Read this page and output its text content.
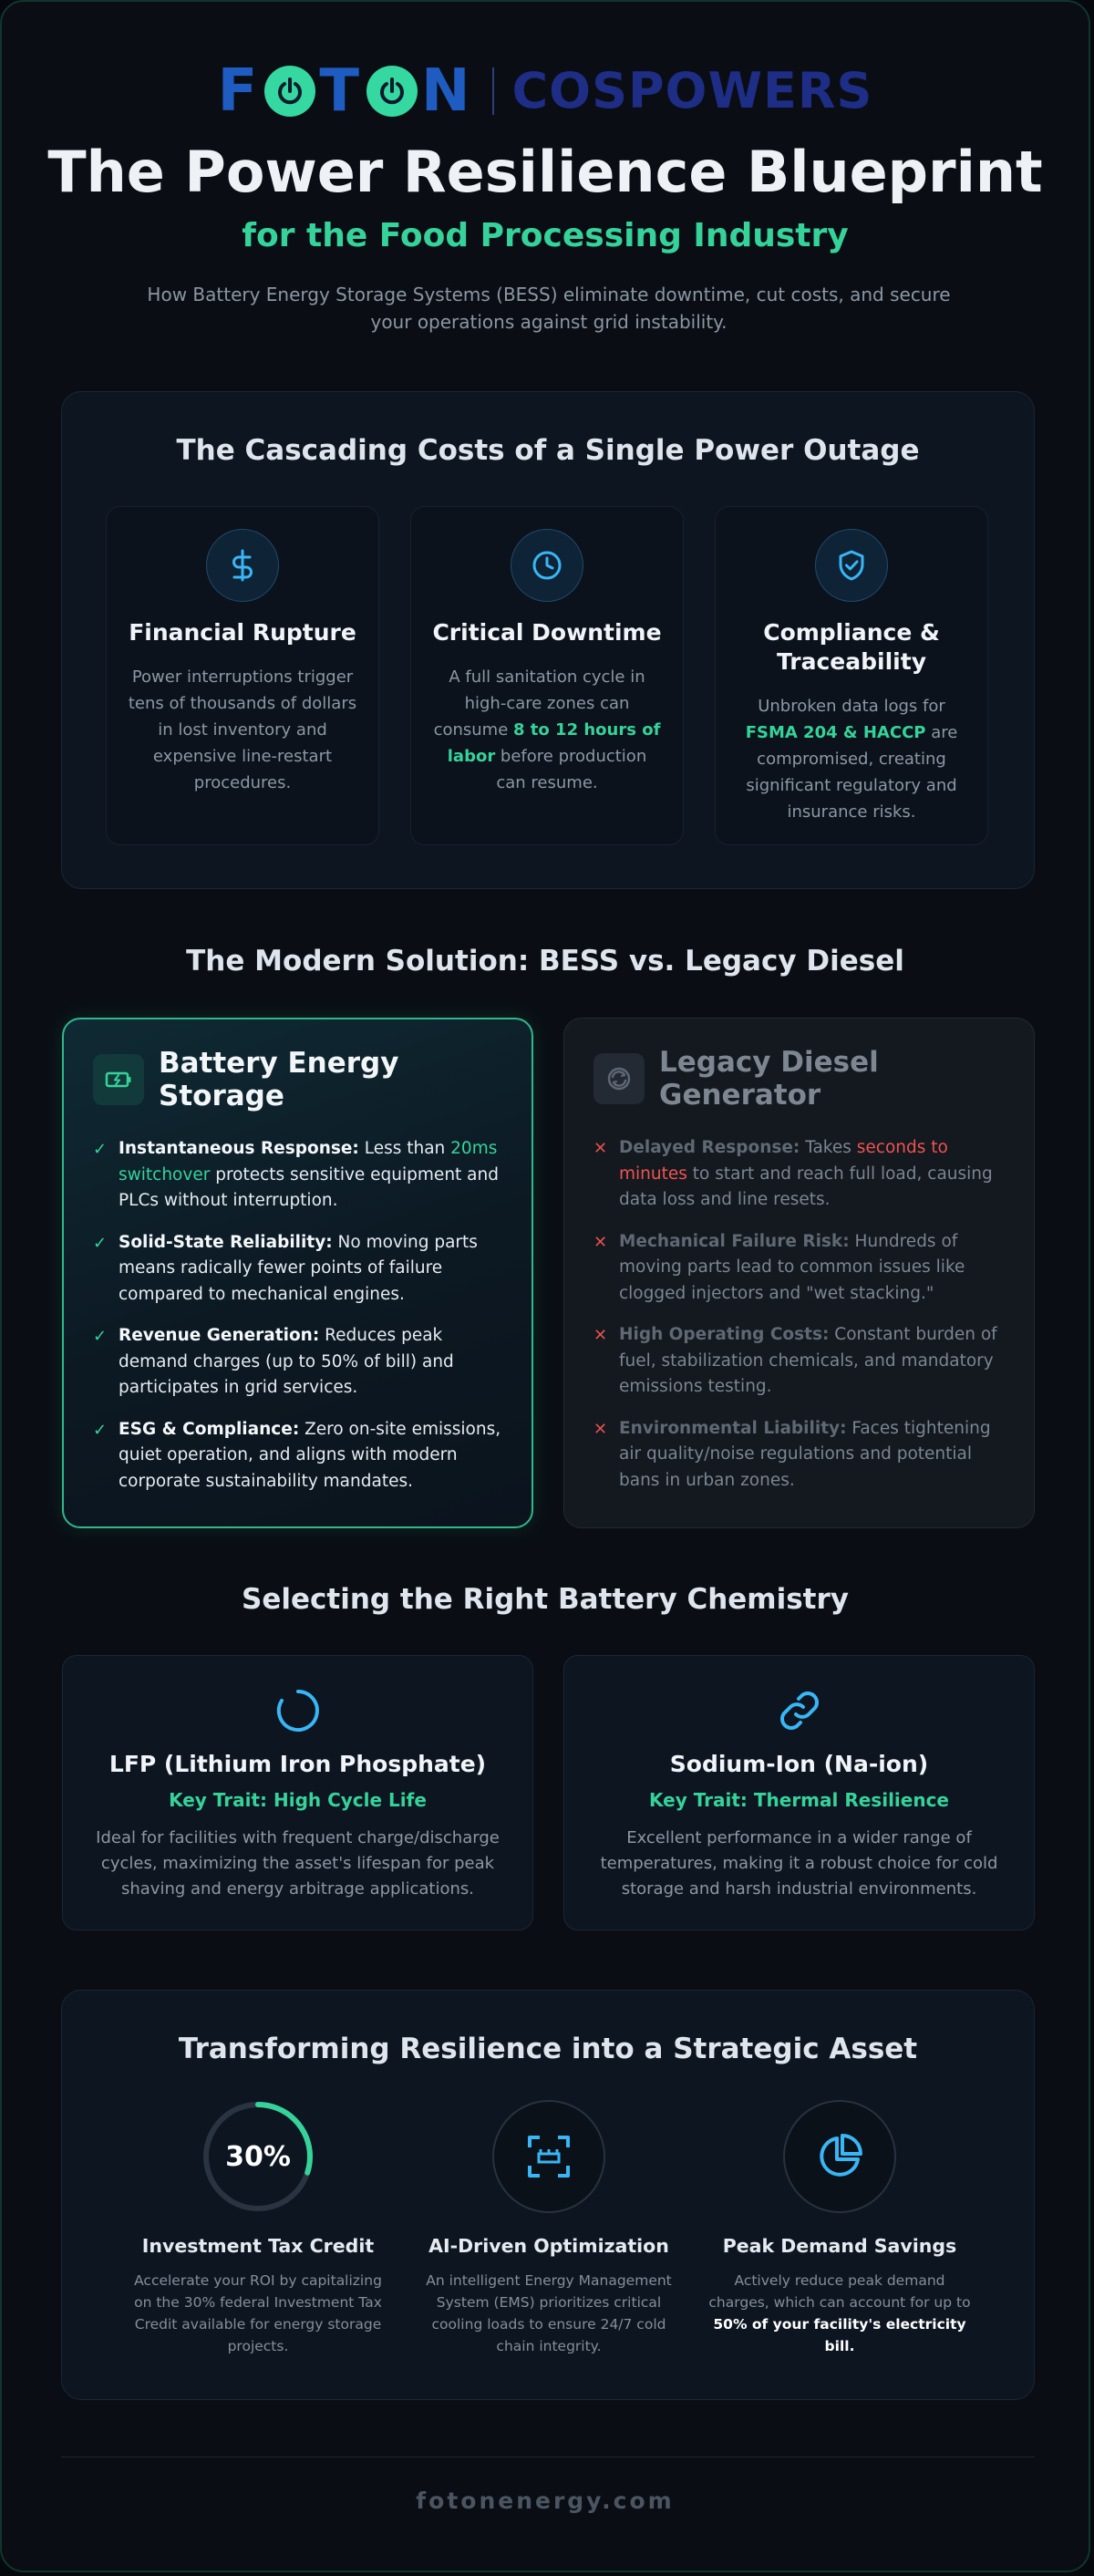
F T N COSPOWERS
The Power Resilience Blueprint
for the Food Processing Industry
How Battery Energy Storage Systems (BESS) eliminate downtime, cut costs, and secure your operations against grid instability.
The Cascading Costs of a Single Power Outage
Financial Rupture
Power interruptions trigger tens of thousands of dollars in lost inventory and expensive line-restart procedures.
Critical Downtime
A full sanitation cycle in high-care zones can consume 8 to 12 hours of labor before production can resume.
Compliance & Traceability
Unbroken data logs for FSMA 204 & HACCP are compromised, creating significant regulatory and insurance risks.
The Modern Solution: BESS vs. Legacy Diesel
Battery Energy Storage
✓ Instantaneous Response: Less than 20ms switchover protects sensitive equipment and PLCs without interruption.
✓ Solid-State Reliability: No moving parts means radically fewer points of failure compared to mechanical engines.
✓ Revenue Generation: Reduces peak demand charges (up to 50% of bill) and participates in grid services.
✓ ESG & Compliance: Zero on-site emissions, quiet operation, and aligns with modern corporate sustainability mandates.
Legacy Diesel Generator
✕ Delayed Response: Takes seconds to minutes to start and reach full load, causing data loss and line resets.
✕ Mechanical Failure Risk: Hundreds of moving parts lead to common issues like clogged injectors and "wet stacking."
✕ High Operating Costs: Constant burden of fuel, stabilization chemicals, and mandatory emissions testing.
✕ Environmental Liability: Faces tightening air quality/noise regulations and potential bans in urban zones.
Selecting the Right Battery Chemistry
LFP (Lithium Iron Phosphate)
Key Trait: High Cycle Life
Ideal for facilities with frequent charge/discharge cycles, maximizing the asset's lifespan for peak shaving and energy arbitrage applications.
Sodium-Ion (Na-ion)
Key Trait: Thermal Resilience
Excellent performance in a wider range of temperatures, making it a robust choice for cold storage and harsh industrial environments.
Transforming Resilience into a Strategic Asset
30%
Investment Tax Credit
Accelerate your ROI by capitalizing on the 30% federal Investment Tax Credit available for energy storage projects.
AI-Driven Optimization
An intelligent Energy Management System (EMS) prioritizes critical cooling loads to ensure 24/7 cold chain integrity.
Peak Demand Savings
Actively reduce peak demand charges, which can account for up to 50% of your facility's electricity bill.
fotonenergy.com
